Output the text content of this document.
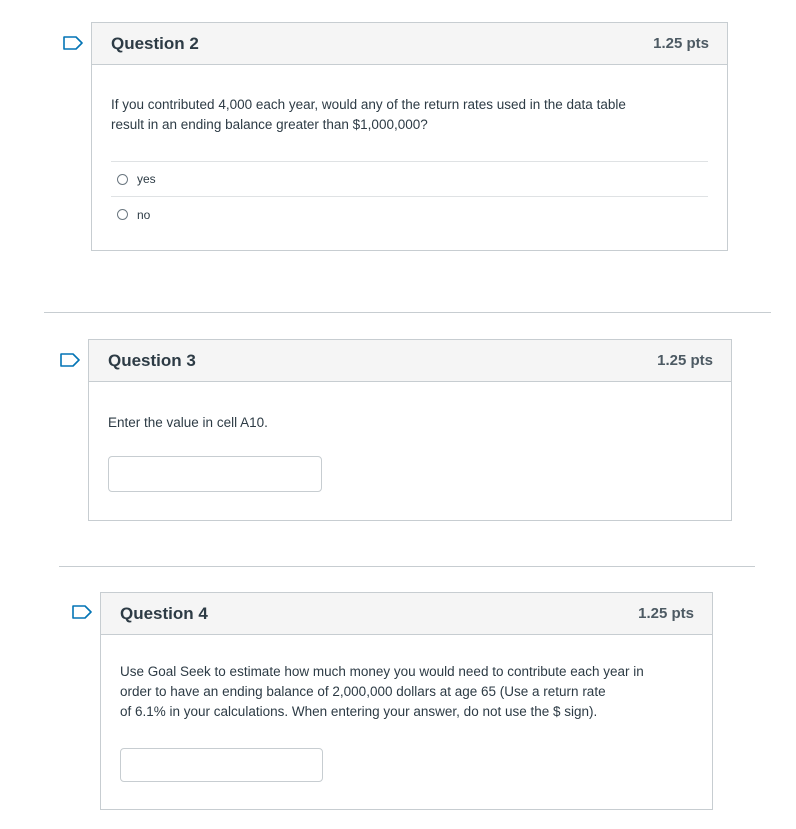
Question 2	1.25 pts
If you contributed 4,000 each year, would any of the return rates used in the data table
result in an ending balance greater than $1,000,000?
yes
no
Question 3	1.25 pts
Enter the value in cell A10.
Question 4	1.25 pts
Use Goal Seek to estimate how much money you would need to contribute each year in
order to have an ending balance of 2,000,000 dollars at age 65 (Use a return rate
of 6.1% in your calculations. When entering your answer, do not use the $ sign).
